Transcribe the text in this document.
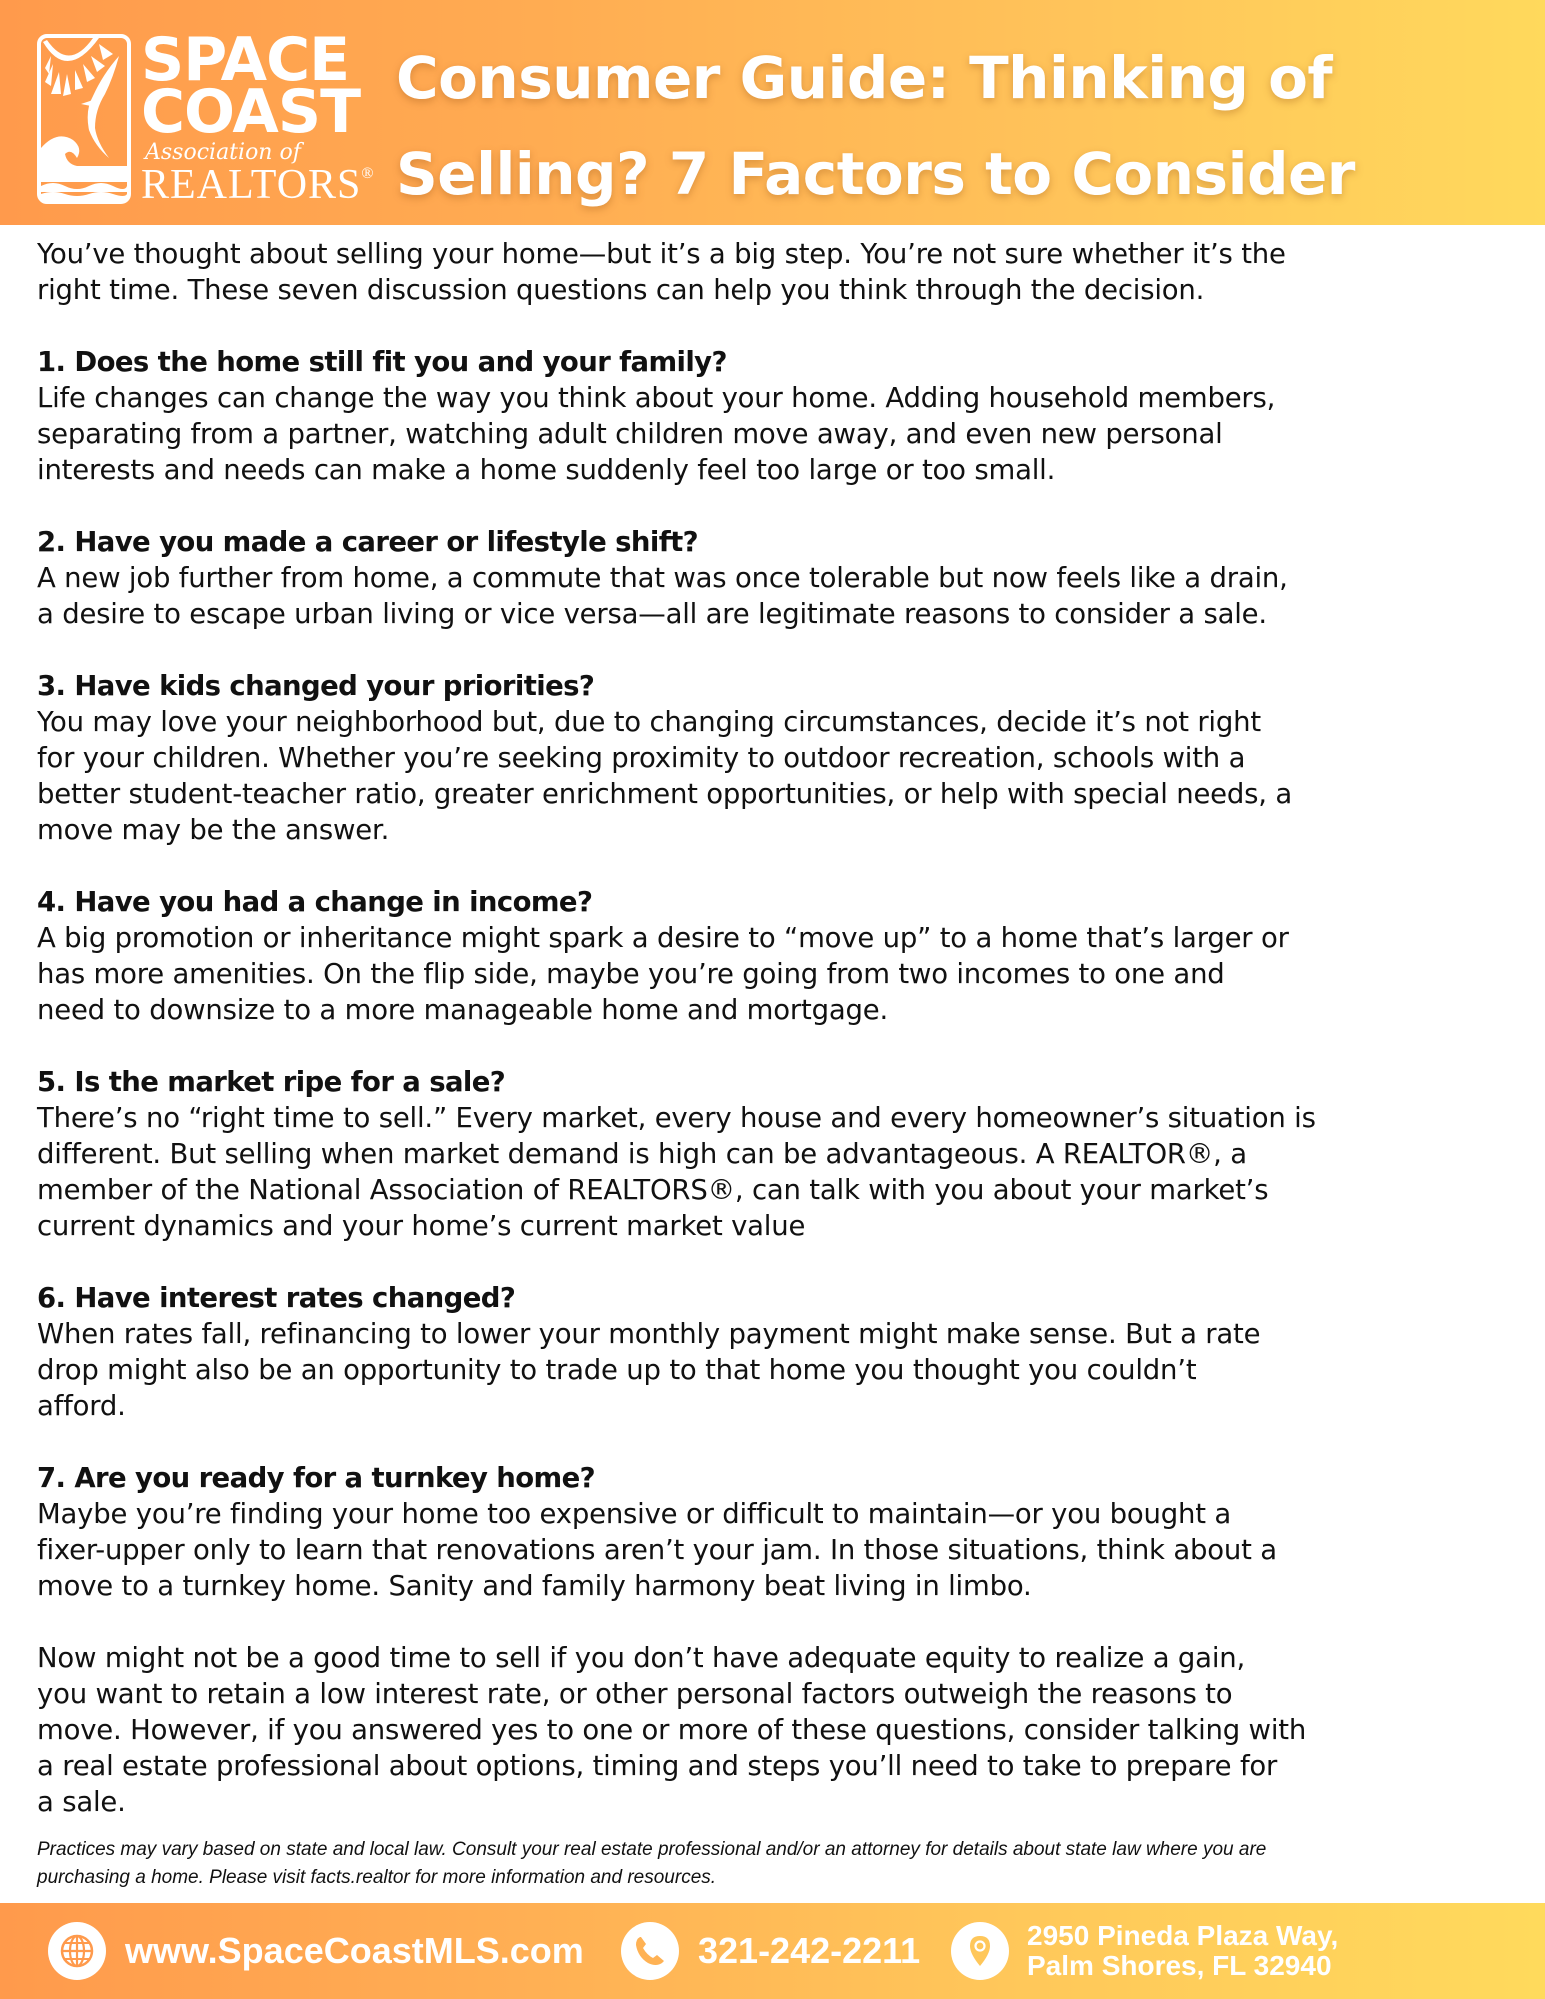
SPACE
COAST
Association of
REALTORS®
Consumer Guide: Thinking of
Selling? 7 Factors to Consider
You’ve thought about selling your home—but it’s a big step. You’re not sure whether it’s the
right time. These seven discussion questions can help you think through the decision.
1. Does the home still fit you and your family?
Life changes can change the way you think about your home. Adding household members,
separating from a partner, watching adult children move away, and even new personal
interests and needs can make a home suddenly feel too large or too small.
2. Have you made a career or lifestyle shift?
A new job further from home, a commute that was once tolerable but now feels like a drain,
a desire to escape urban living or vice versa—all are legitimate reasons to consider a sale.
3. Have kids changed your priorities?
You may love your neighborhood but, due to changing circumstances, decide it’s not right
for your children. Whether you’re seeking proximity to outdoor recreation, schools with a
better student-teacher ratio, greater enrichment opportunities, or help with special needs, a
move may be the answer.
4. Have you had a change in income?
A big promotion or inheritance might spark a desire to “move up” to a home that’s larger or
has more amenities. On the flip side, maybe you’re going from two incomes to one and
need to downsize to a more manageable home and mortgage.
5. Is the market ripe for a sale?
There’s no “right time to sell.” Every market, every house and every homeowner’s situation is
different. But selling when market demand is high can be advantageous. A REALTOR®, a
member of the National Association of REALTORS®, can talk with you about your market’s
current dynamics and your home’s current market value
6. Have interest rates changed?
When rates fall, refinancing to lower your monthly payment might make sense. But a rate
drop might also be an opportunity to trade up to that home you thought you couldn’t
afford.
7. Are you ready for a turnkey home?
Maybe you’re finding your home too expensive or difficult to maintain—or you bought a
fixer-upper only to learn that renovations aren’t your jam. In those situations, think about a
move to a turnkey home. Sanity and family harmony beat living in limbo.
Now might not be a good time to sell if you don’t have adequate equity to realize a gain,
you want to retain a low interest rate, or other personal factors outweigh the reasons to
move. However, if you answered yes to one or more of these questions, consider talking with
a real estate professional about options, timing and steps you’ll need to take to prepare for
a sale.
Practices may vary based on state and local law. Consult your real estate professional and/or an attorney for details about state law where you are
purchasing a home. Please visit facts.realtor for more information and resources.
www.SpaceCoastMLS.com	321-242-2211	2950 Pineda Plaza Way,
Palm Shores, FL 32940
